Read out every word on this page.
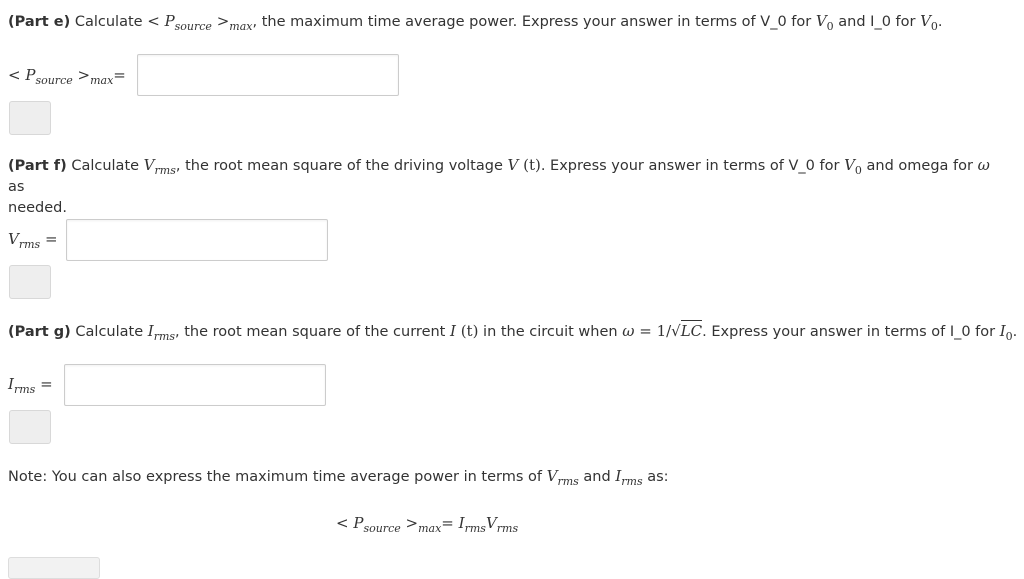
(Part e) Calculate < $P_{source} >_{max}$, the maximum time average power. Express your answer in terms of V_0 for $V_0$ and I_0 for $V_0$.
< $P_{source} >_{max}=$
(Part f) Calculate $V_{rms}$, the root mean square of the driving voltage V (t). Express your answer in terms of V_0 for $V_0$ and omega for ω as
needed.
$V_{rms}$ =
(Part g) Calculate $I_{rms}$, the root mean square of the current I (t) in the circuit when ω = 1/√LC. Express your answer in terms of I_0 for $I_0$.
$I_{rms}$ =
Note: You can also express the maximum time average power in terms of $V_{rms}$ and $I_{rms}$ as:
< $P_{source} >_{max}= I_{rms}V_{rms}$
